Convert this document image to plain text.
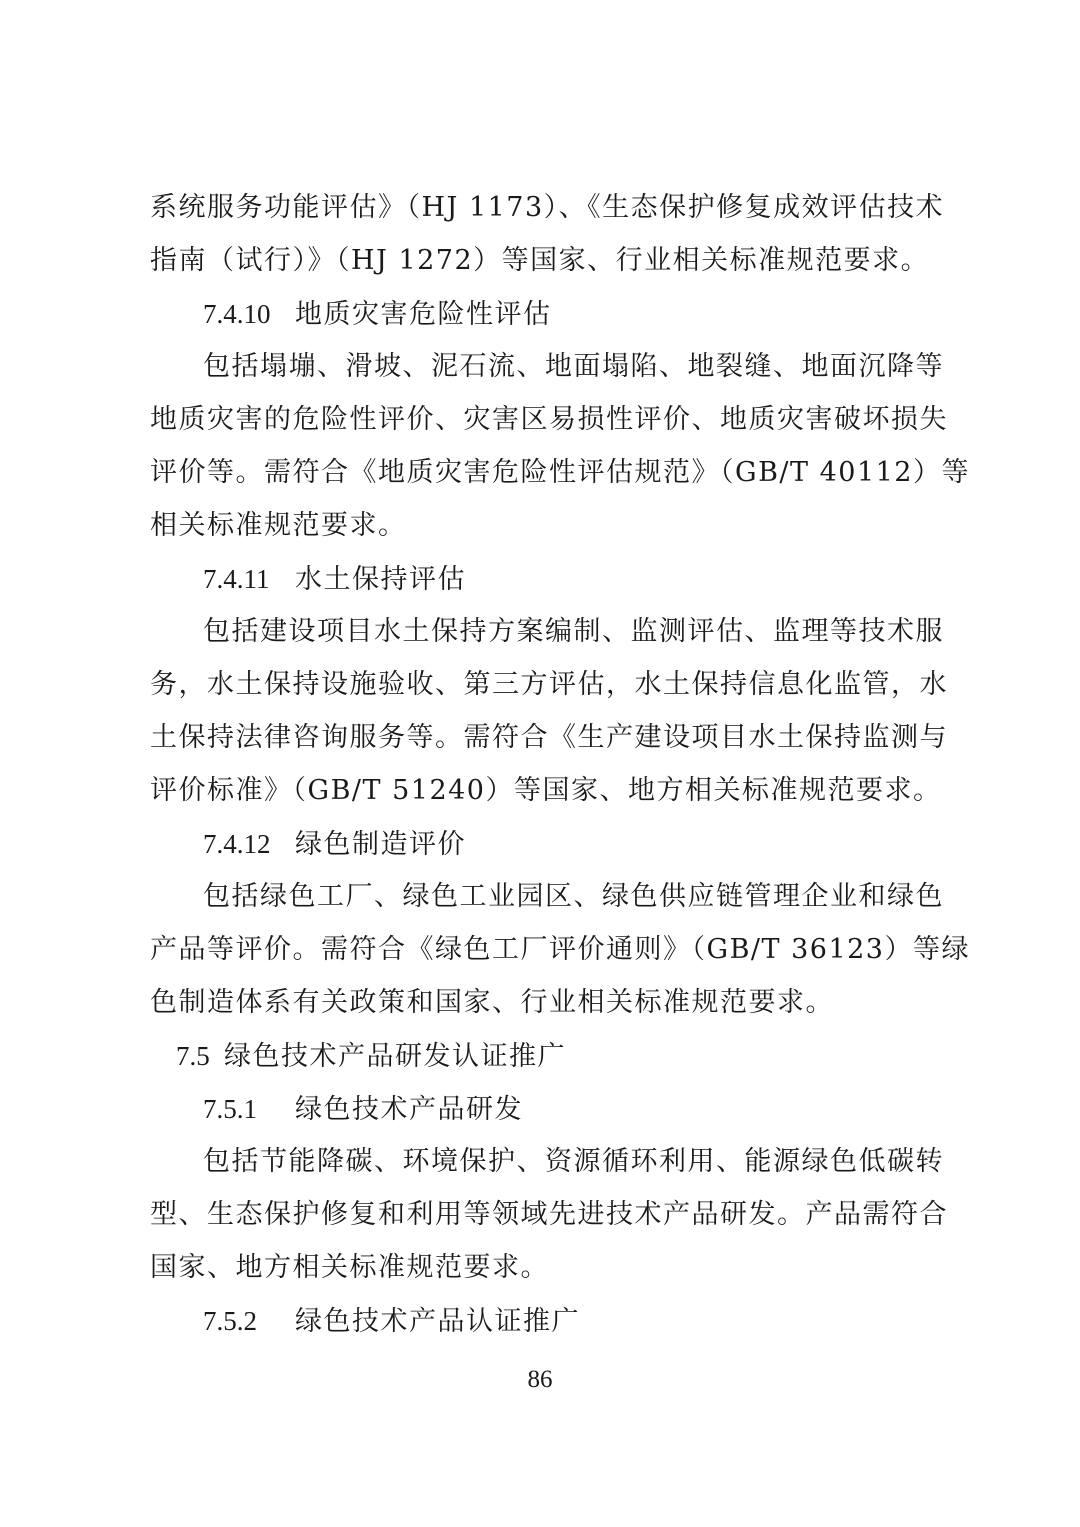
系统服务功能评估》（HJ 1173）、《生态保护修复成效评估技术
指南（试行）》（HJ 1272）等国家、行业相关标准规范要求。
7.4.10 地质灾害危险性评估
包括塌塴、滑坡、泥石流、地面塌陷、地裂缝、地面沉降等
地质灾害的危险性评价、灾害区易损性评价、地质灾害破坏损失
评价等。需符合《地质灾害危险性评估规范》（GB/T 40112）等
相关标准规范要求。
7.4.11 水土保持评估
包括建设项目水土保持方案编制、监测评估、监理等技术服
务，水土保持设施验收、第三方评估，水土保持信息化监管，水
土保持法律咨询服务等。需符合《生产建设项目水土保持监测与
评价标准》（GB/T 51240）等国家、地方相关标准规范要求。
7.4.12 绿色制造评价
包括绿色工厂、绿色工业园区、绿色供应链管理企业和绿色
产品等评价。需符合《绿色工厂评价通则》（GB/T 36123）等绿
色制造体系有关政策和国家、行业相关标准规范要求。
7.5 绿色技术产品研发认证推广
7.5.1 绿色技术产品研发
包括节能降碳、环境保护、资源循环利用、能源绿色低碳转
型、生态保护修复和利用等领域先进技术产品研发。产品需符合
国家、地方相关标准规范要求。
7.5.2 绿色技术产品认证推广
86
